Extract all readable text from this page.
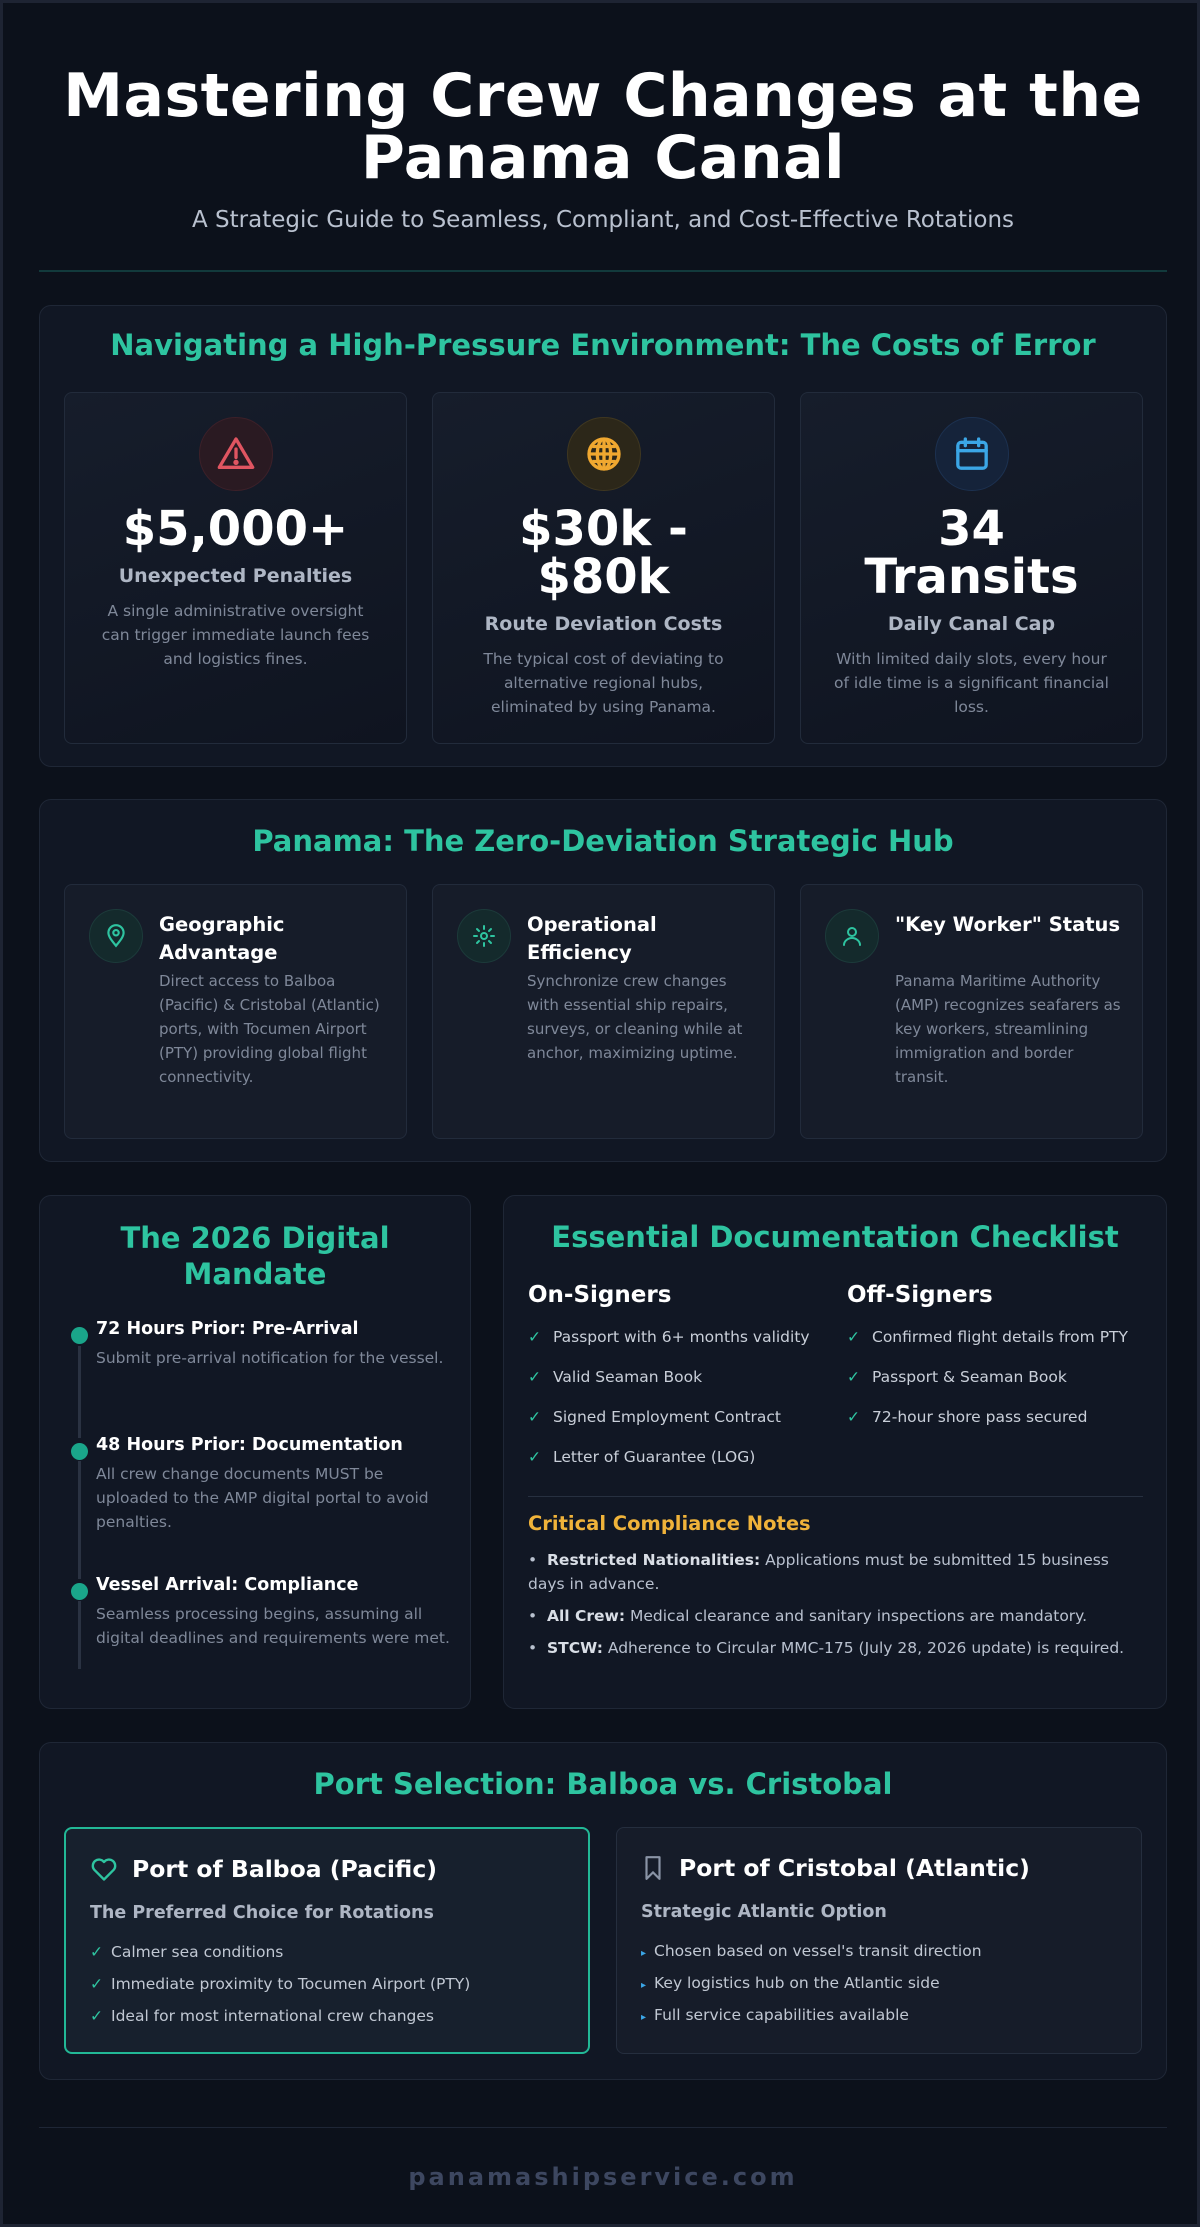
Mastering Crew Changes at the
Panama Canal
A Strategic Guide to Seamless, Compliant, and Cost-Effective Rotations
Navigating a High-Pressure Environment: The Costs of Error
$5,000+
Unexpected Penalties
A single administrative oversight can trigger immediate launch fees and logistics fines.
$30k -
$80k
Route Deviation Costs
The typical cost of deviating to alternative regional hubs, eliminated by using Panama.
34
Transits
Daily Canal Cap
With limited daily slots, every hour of idle time is a significant financial loss.
Panama: The Zero-Deviation Strategic Hub
Geographic Advantage
Direct access to Balboa (Pacific) & Cristobal (Atlantic) ports, with Tocumen Airport (PTY) providing global flight connectivity.
Operational Efficiency
Synchronize crew changes with essential ship repairs, surveys, or cleaning while at anchor, maximizing uptime.
"Key Worker" Status
Panama Maritime Authority (AMP) recognizes seafarers as key workers, streamlining immigration and border transit.
The 2026 Digital
Mandate
72 Hours Prior: Pre-Arrival
Submit pre-arrival notification for the vessel.
48 Hours Prior: Documentation
All crew change documents MUST be uploaded to the AMP digital portal to avoid penalties.
Vessel Arrival: Compliance
Seamless processing begins, assuming all digital deadlines and requirements were met.
Essential Documentation Checklist
On-Signers
✓ Passport with 6+ months validity
✓ Valid Seaman Book
✓ Signed Employment Contract
✓ Letter of Guarantee (LOG)
Off-Signers
✓ Confirmed flight details from PTY
✓ Passport & Seaman Book
✓ 72-hour shore pass secured
Critical Compliance Notes
•  Restricted Nationalities: Applications must be submitted 15 business days in advance.
•  All Crew: Medical clearance and sanitary inspections are mandatory.
•  STCW: Adherence to Circular MMC-175 (July 28, 2026 update) is required.
Port Selection: Balboa vs. Cristobal
Port of Balboa (Pacific)
The Preferred Choice for Rotations
✓ Calmer sea conditions
✓ Immediate proximity to Tocumen Airport (PTY)
✓ Ideal for most international crew changes
Port of Cristobal (Atlantic)
Strategic Atlantic Option
▸ Chosen based on vessel's transit direction
▸ Key logistics hub on the Atlantic side
▸ Full service capabilities available
panamashipservice.com
